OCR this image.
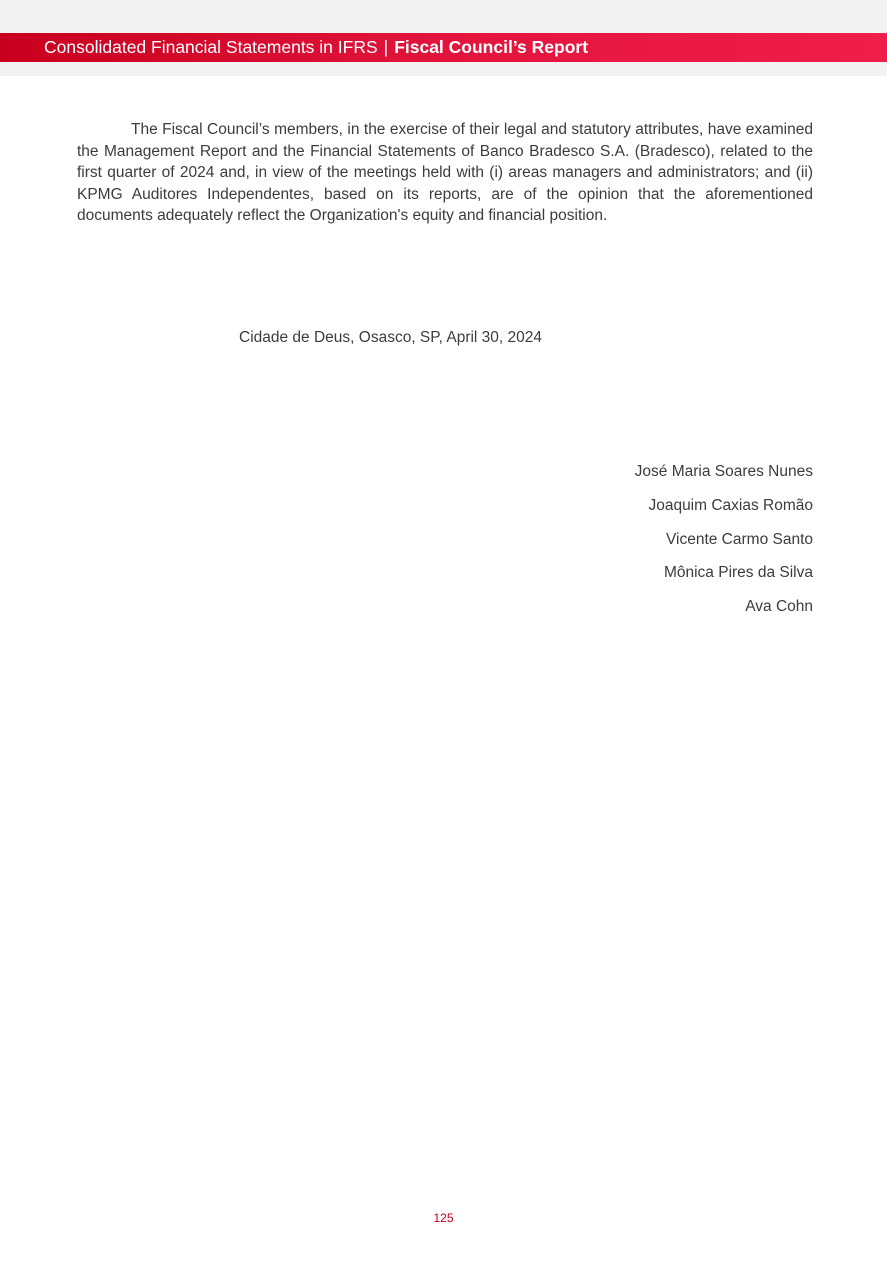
Consolidated Financial Statements in IFRS | Fiscal Council’s Report

The Fiscal Council’s members, in the exercise of their legal and statutory attributes, have examined the Management Report and the Financial Statements of Banco Bradesco S.A. (Bradesco), related to the first quarter of 2024 and, in view of the meetings held with (i) areas managers and administrators; and (ii) KPMG Auditores Independentes, based on its reports, are of the opinion that the aforementioned documents adequately reflect the Organization's equity and financial position.

Cidade de Deus, Osasco, SP, April 30, 2024
José Maria Soares Nunes
Joaquim Caxias Romão
Vicente Carmo Santo
Mônica Pires da Silva
Ava Cohn
125
